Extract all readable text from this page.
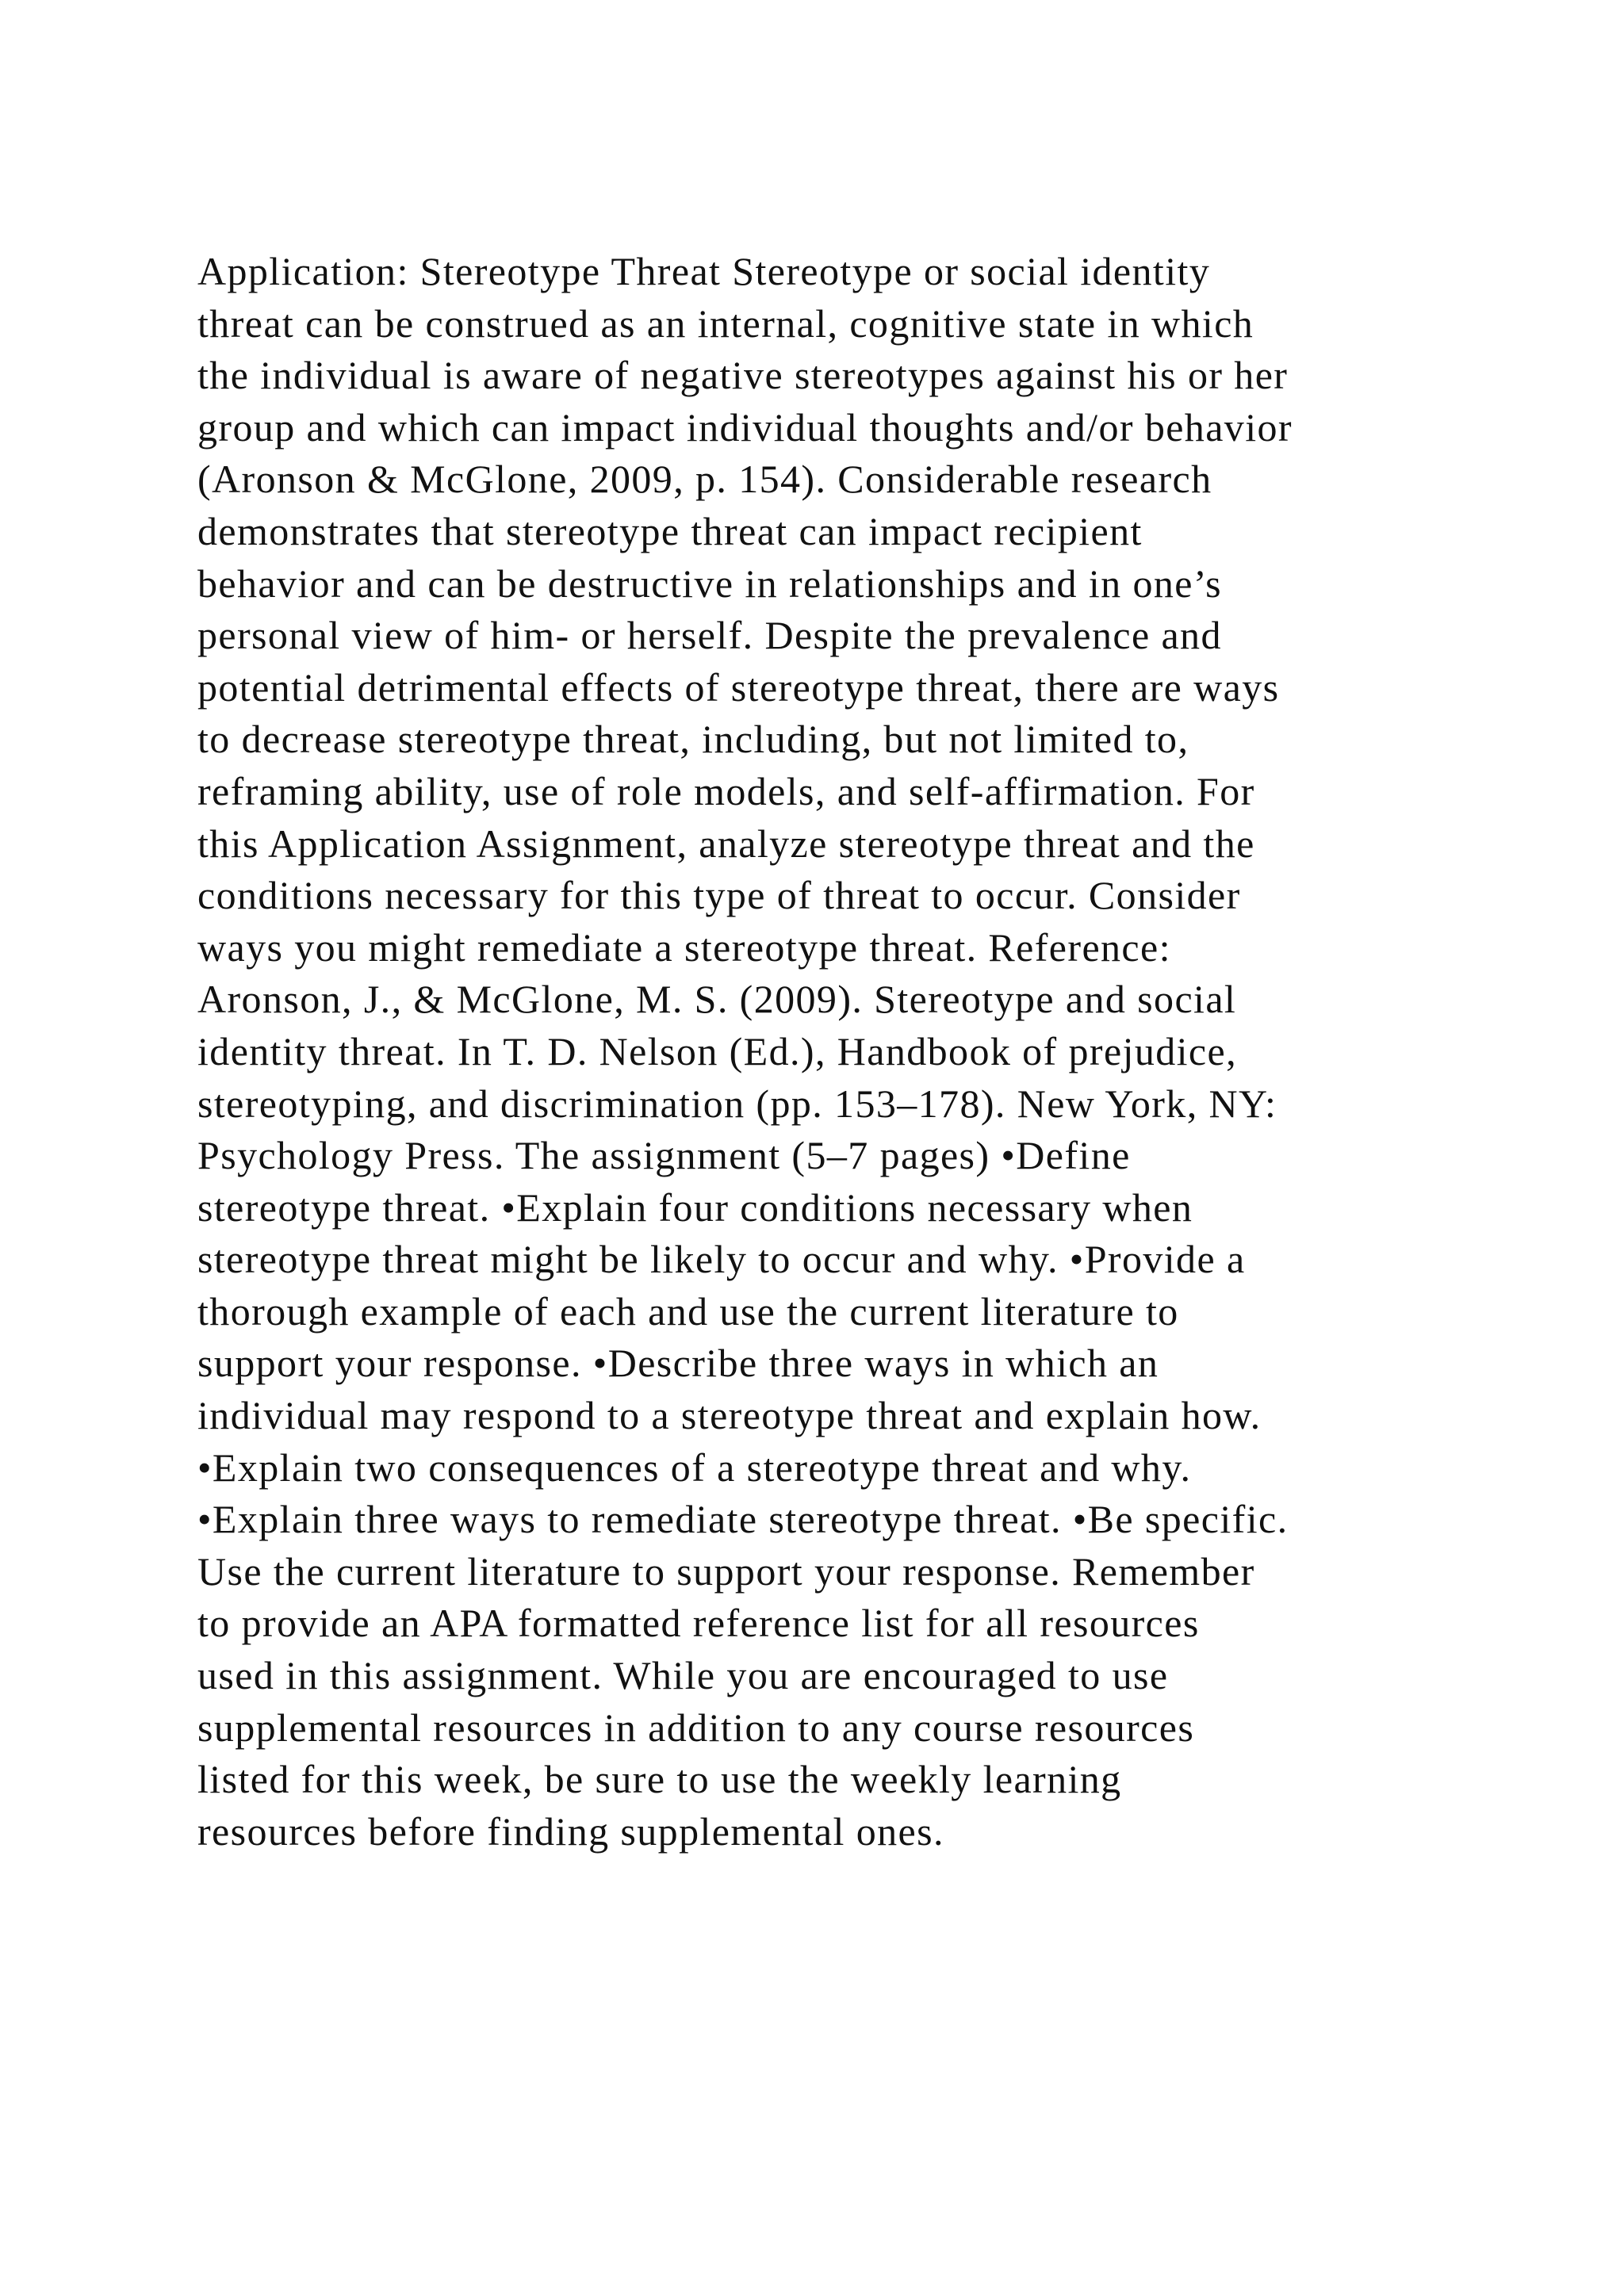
Application: Stereotype Threat Stereotype or social identity
threat can be construed as an internal, cognitive state in which
the individual is aware of negative stereotypes against his or her
group and which can impact individual thoughts and/or behavior
(Aronson & McGlone, 2009, p. 154). Considerable research
demonstrates that stereotype threat can impact recipient
behavior and can be destructive in relationships and in one’s
personal view of him- or herself. Despite the prevalence and
potential detrimental effects of stereotype threat, there are ways
to decrease stereotype threat, including, but not limited to,
reframing ability, use of role models, and self-affirmation. For
this Application Assignment, analyze stereotype threat and the
conditions necessary for this type of threat to occur. Consider
ways you might remediate a stereotype threat. Reference:
Aronson, J., & McGlone, M. S. (2009). Stereotype and social
identity threat. In T. D. Nelson (Ed.), Handbook of prejudice,
stereotyping, and discrimination (pp. 153–178). New York, NY:
Psychology Press. The assignment (5–7 pages) •Define
stereotype threat. •Explain four conditions necessary when
stereotype threat might be likely to occur and why. •Provide a
thorough example of each and use the current literature to
support your response. •Describe three ways in which an
individual may respond to a stereotype threat and explain how.
•Explain two consequences of a stereotype threat and why.
•Explain three ways to remediate stereotype threat. •Be specific.
Use the current literature to support your response. Remember
to provide an APA formatted reference list for all resources
used in this assignment. While you are encouraged to use
supplemental resources in addition to any course resources
listed for this week, be sure to use the weekly learning
resources before finding supplemental ones.
